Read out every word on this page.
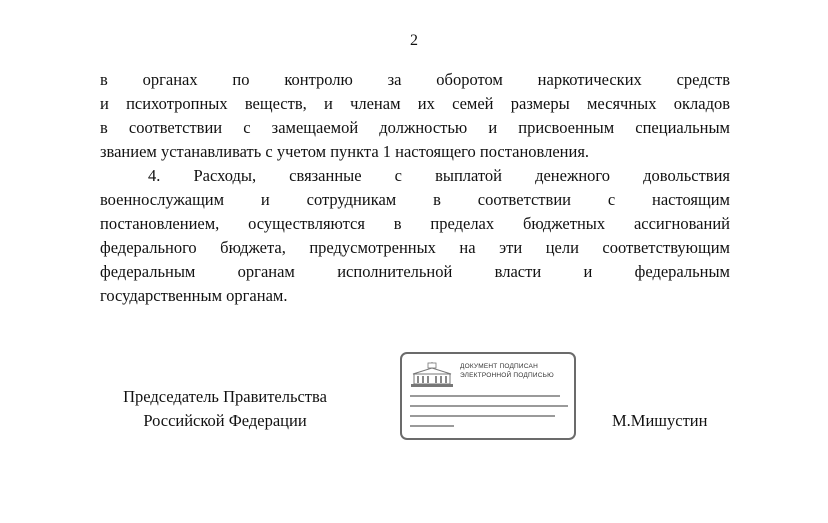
2
в органах по контролю за оборотом наркотических средств
и психотропных веществ, и членам их семей размеры месячных окладов
в соответствии с замещаемой должностью и присвоенным специальным
званием устанавливать с учетом пункта 1 настоящего постановления.
4. Расходы, связанные с выплатой денежного довольствия
военнослужащим и сотрудникам в соответствии с настоящим
постановлением, осуществляются в пределах бюджетных ассигнований
федерального бюджета, предусмотренных на эти цели соответствующим
федеральным органам исполнительной власти и федеральным
государственным органам.
Председатель Правительства
Российской Федерации
ДОКУМЕНТ ПОДПИСАН
ЭЛЕКТРОННОЙ ПОДПИСЬЮ
М.Мишустин
